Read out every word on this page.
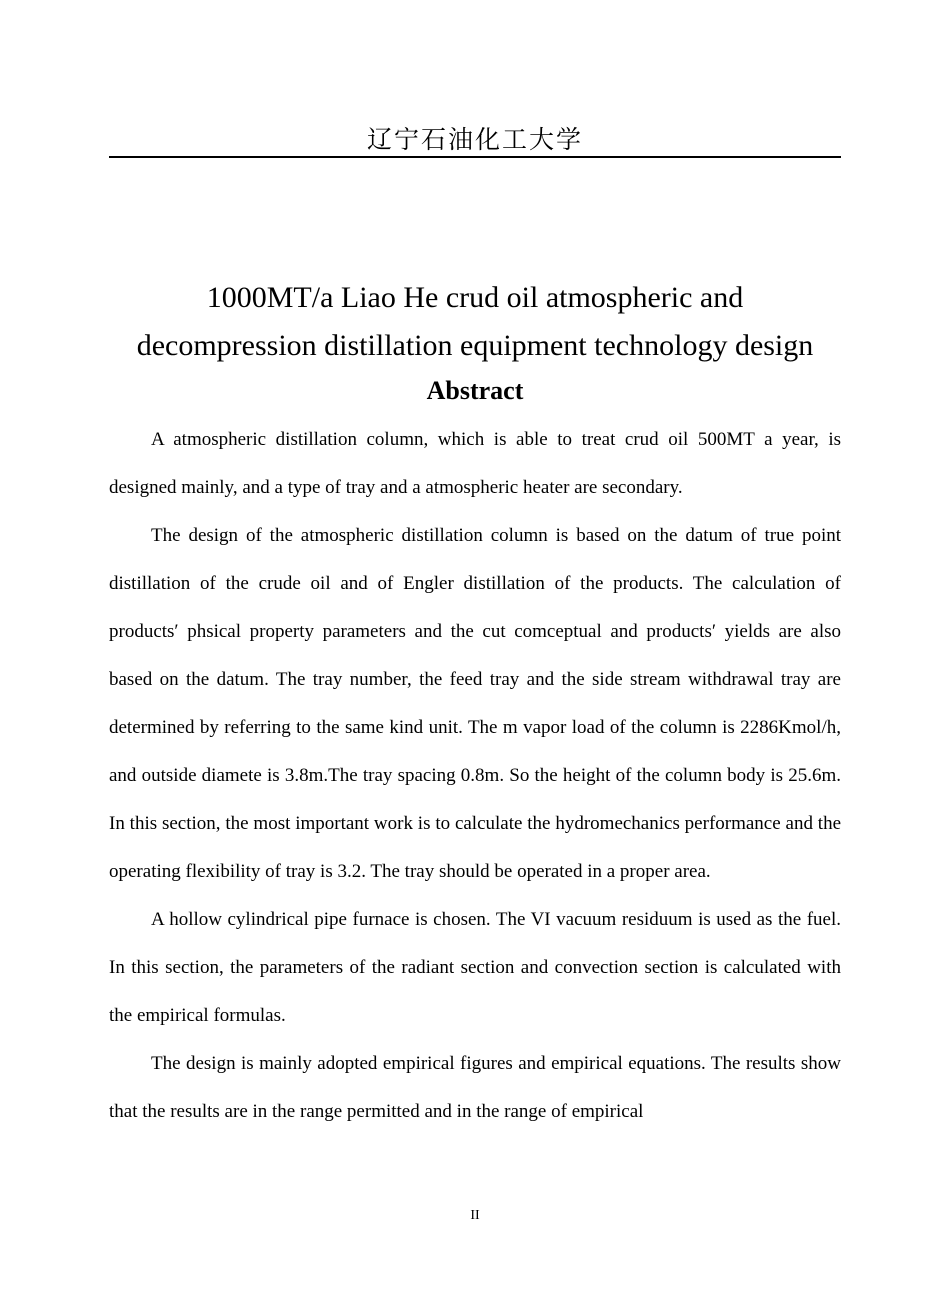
辽宁石油化工大学
1000MT/a Liao He crud oil atmospheric and
decompression distillation equipment technology design
Abstract

A atmospheric distillation column, which is able to treat crud oil 500MT a year, is designed mainly, and a type of tray and a atmospheric heater are secondary.

The design of the atmospheric distillation column is based on the datum of true point distillation of the crude oil and of Engler distillation of the products. The calculation of products′ phsical property parameters and the cut comceptual and products′ yields are also based on the datum. The tray number, the feed tray and the side stream withdrawal tray are determined by referring to the same kind unit. The m vapor load of the column is 2286Kmol/h, and outside diamete is 3.8m.The tray spacing 0.8m. So the height of the column body is 25.6m. In this section, the most important work is to calculate the hydromechanics performance and the operating flexibility of tray is 3.2. The tray should be operated in a proper area.

A hollow cylindrical pipe furnace is chosen. The VI vacuum residuum is used as the fuel. In this section, the parameters of the radiant section and convection section is calculated with the empirical formulas.

The design is mainly adopted empirical figures and empirical equations. The results show that the results are in the range permitted and in the range of empirical

II
